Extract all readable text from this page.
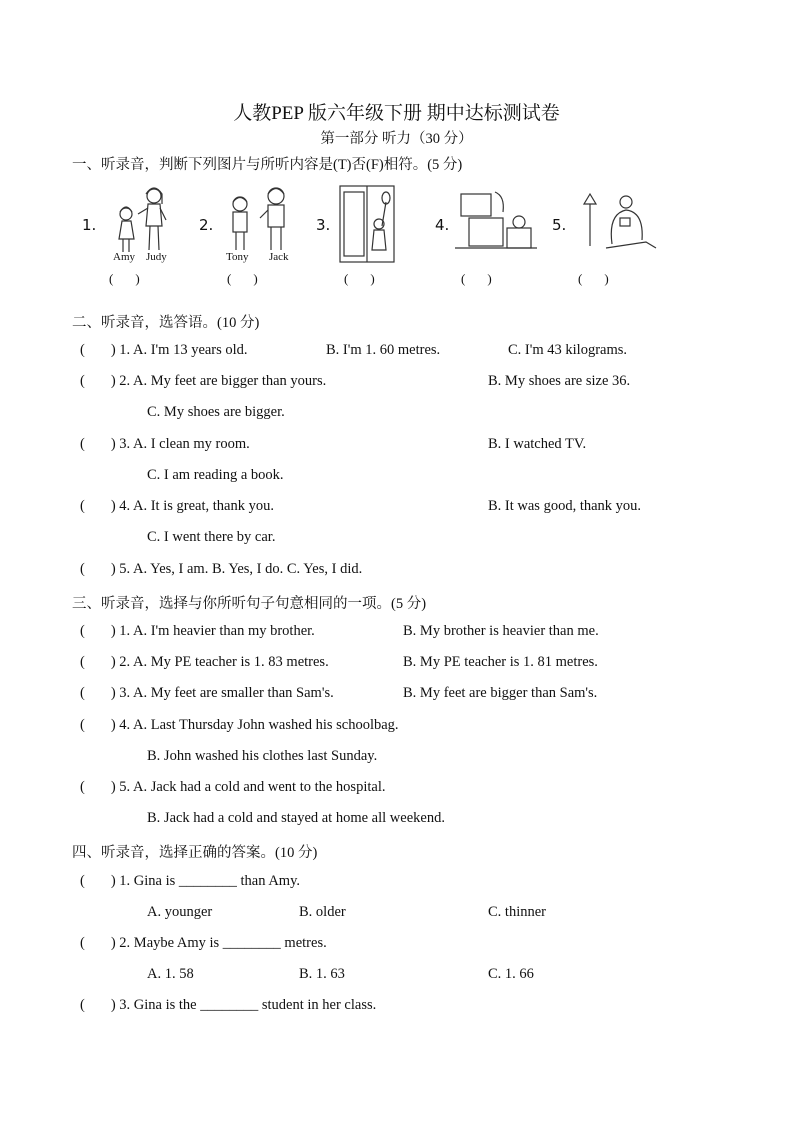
人教PEP 版六年级下册 期中达标测试卷
第一部分 听力（30 分）
一、听录音，判断下列图片与所听内容是(T)否(F)相符。(5 分)
1.
Amy Judy
( )
2.
Tony Jack
( )
3.
( )
4.
( )
5.
( )
二、听录音，选答语。(10 分)
( ) 1. A. I'm 13 years old.	B. I'm 1. 60 metres.	C. I'm 43 kilograms.
( ) 2. A. My feet are bigger than yours.	B. My shoes are size 36.
C. My shoes are bigger.
( ) 3. A. I clean my room.	B. I watched TV.
C. I am reading a book.
( ) 4. A. It is great, thank you.	B. It was good, thank you.
C. I went there by car.
( ) 5. A. Yes, I am. B. Yes, I do. C. Yes, I did.
三、听录音，选择与你所听句子句意相同的一项。(5 分)
( ) 1. A. I'm heavier than my brother.	B. My brother is heavier than me.
( ) 2. A. My PE teacher is 1. 83 metres.	B. My PE teacher is 1. 81 metres.
( ) 3. A. My feet are smaller than Sam's.	B. My feet are bigger than Sam's.
( ) 4. A. Last Thursday John washed his schoolbag.
B. John washed his clothes last Sunday.
( ) 5. A. Jack had a cold and went to the hospital.
B. Jack had a cold and stayed at home all weekend.
四、听录音，选择正确的答案。(10 分)
( ) 1. Gina is ________ than Amy.
A. younger	B. older	C. thinner
( ) 2. Maybe Amy is ________ metres.
A. 1. 58	B. 1. 63	C. 1. 66
( ) 3. Gina is the ________ student in her class.
